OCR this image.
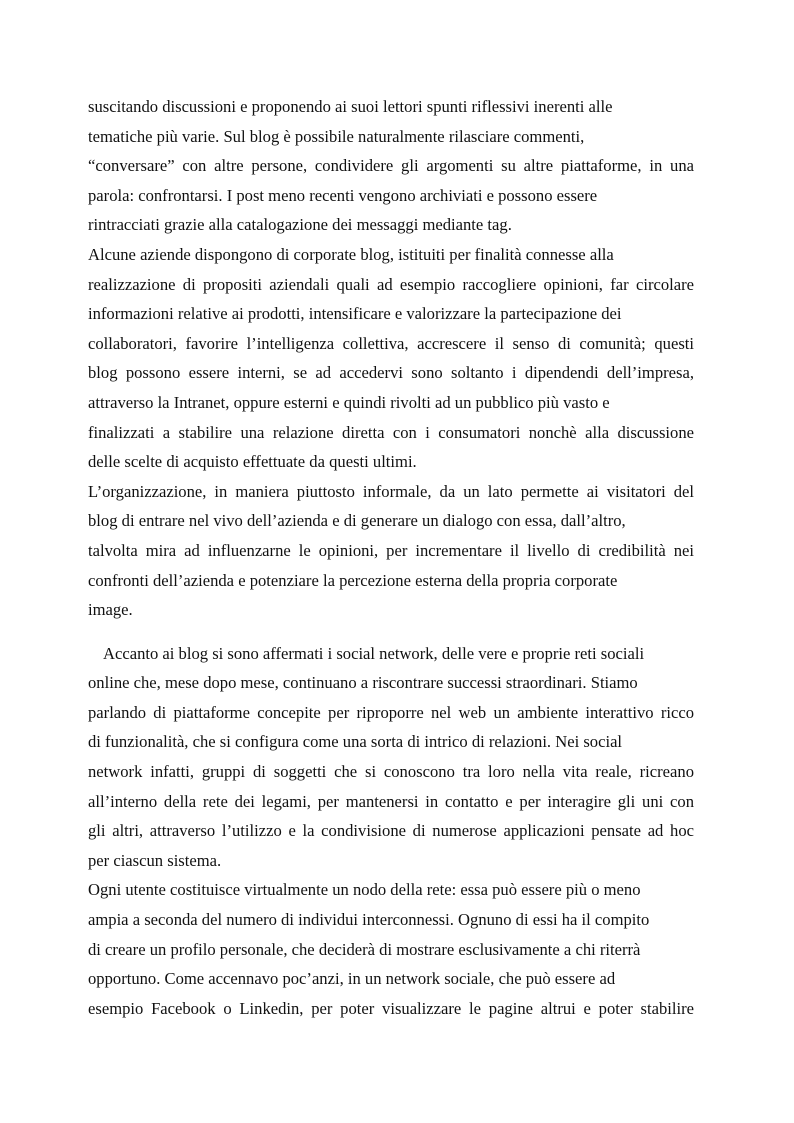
suscitando discussioni e proponendo ai suoi lettori spunti riflessivi inerenti alle
tematiche più varie. Sul blog è possibile naturalmente rilasciare commenti,
“conversare” con altre persone, condividere gli argomenti su altre piattaforme, in una
parola: confrontarsi. I post meno recenti vengono archiviati e possono essere
rintracciati grazie alla catalogazione dei messaggi mediante tag.
Alcune aziende dispongono di corporate blog, istituiti per finalità connesse alla
realizzazione di propositi aziendali quali ad esempio raccogliere opinioni, far circolare
informazioni relative ai prodotti, intensificare e valorizzare la partecipazione dei
collaboratori, favorire l’intelligenza collettiva, accrescere il senso di comunità; questi
blog possono essere interni, se ad accedervi sono soltanto i dipendendi dell’impresa,
attraverso la Intranet, oppure esterni e quindi rivolti ad un pubblico più vasto e
finalizzati a stabilire una relazione diretta con i consumatori nonchè alla discussione
delle scelte di acquisto effettuate da questi ultimi.
L’organizzazione, in maniera piuttosto informale, da un lato permette ai visitatori del
blog di entrare nel vivo dell’azienda e di generare un dialogo con essa, dall’altro,
talvolta mira ad influenzarne le opinioni, per incrementare il livello di credibilità nei
confronti dell’azienda e potenziare la percezione esterna della propria corporate
image.
Accanto ai blog si sono affermati i social network, delle vere e proprie reti sociali
online che, mese dopo mese, continuano a riscontrare successi straordinari. Stiamo
parlando di piattaforme concepite per riproporre nel web un ambiente interattivo ricco
di funzionalità, che si configura come una sorta di intrico di relazioni. Nei social
network infatti, gruppi di soggetti che si conoscono tra loro nella vita reale, ricreano
all’interno della rete dei legami, per mantenersi in contatto e per interagire gli uni con
gli altri, attraverso l’utilizzo e la condivisione di numerose applicazioni pensate ad hoc
per ciascun sistema.
Ogni utente costituisce virtualmente un nodo della rete: essa può essere più o meno
ampia a seconda del numero di individui interconnessi. Ognuno di essi ha il compito
di creare un profilo personale, che deciderà di mostrare esclusivamente a chi riterrà
opportuno. Come accennavo poc’anzi, in un network sociale, che può essere ad
esempio Facebook o Linkedin, per poter visualizzare le pagine altrui e poter stabilire
